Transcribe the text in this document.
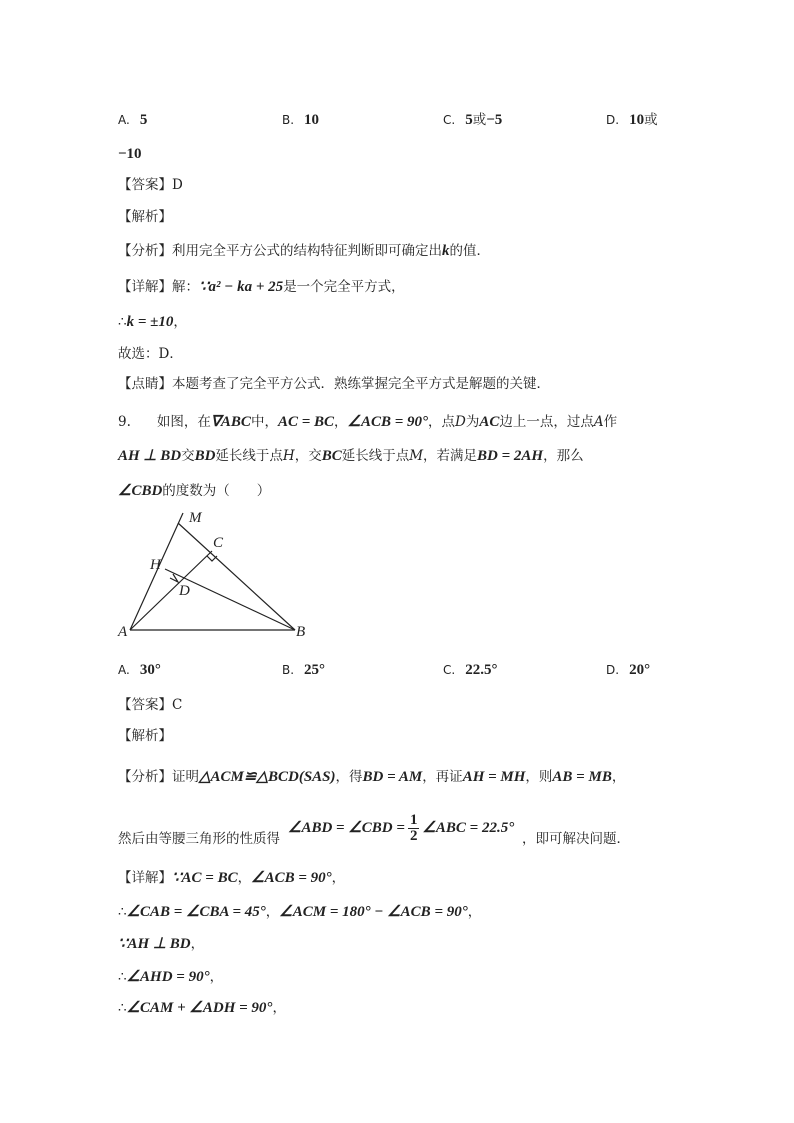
A. 5	B. 10	C. 5或−5	D. 10或
−10
【答案】D
【解析】
【分析】利用完全平方公式的结构特征判断即可确定出k的值．
【详解】解：∵a² − ka + 25是一个完全平方式，
∴k = ±10，
故选：D．
【点睛】本题考查了完全平方公式．熟练掌握完全平方式是解题的关键．
9. 如图，在∇ABC中，AC = BC，∠ACB = 90°，点D为AC边上一点，过点A作
AH ⊥ BD交BD延长线于点H，交BC延长线于点M，若满足BD = 2AH，那么
∠CBD的度数为（　　）
M
C
H
D
A	B
A. 30°	B. 25°	C. 22.5°	D. 20°
【答案】C
【解析】
【分析】证明△ACM≌△BCD(SAS)，得BD = AM，再证AH = MH，则AB = MB，
∠ABD = ∠CBD = $\frac{1}{2}$ ∠ABC = 22.5°
然后由等腰三角形的性质得	，即可解决问题．
【详解】∵AC = BC，∠ACB = 90°，
∴∠CAB = ∠CBA = 45°，∠ACM = 180° − ∠ACB = 90°，
∵AH ⊥ BD，
∴∠AHD = 90°，
∴∠CAM + ∠ADH = 90°，
